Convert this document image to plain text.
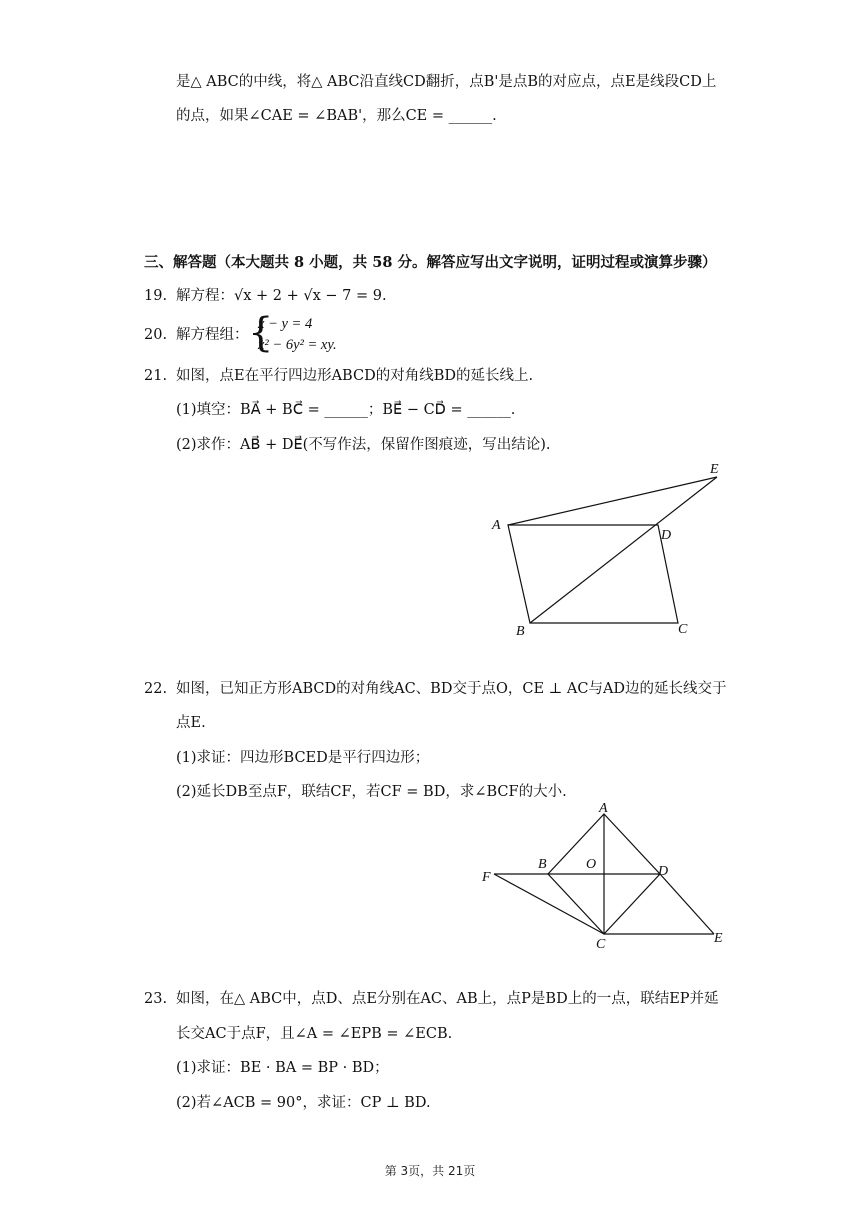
是△ ABC的中线，将△ ABC沿直线CD翻折，点B'是点B的对应点，点E是线段CD上
的点，如果∠CAE = ∠BAB'，那么CE = ______.
三、解答题（本大题共 8 小题，共 58 分。解答应写出文字说明，证明过程或演算步骤）
19. 解方程：√x + 2 + √x − 7 = 9.
20. 解方程组： {
x − y = 4
x² − 6y² = xy.
21. 如图，点E在平行四边形ABCD的对角线BD的延长线上.
(1)填空：BA⃗ + BC⃗ = ______；BE⃗ − CD⃗ = ______.
(2)求作：AB⃗ + DE⃗(不写作法，保留作图痕迹，写出结论).
A
B	C
D
E
22. 如图，已知正方形ABCD的对角线AC、BD交于点O，CE ⊥ AC与AD边的延长线交于
点E.
(1)求证：四边形BCED是平行四边形；
(2)延长DB至点F，联结CF，若CF = BD，求∠BCF的大小.
A
B
C
D
E
F
O
23. 如图，在△ ABC中，点D、点E分别在AC、AB上，点P是BD上的一点，联结EP并延
长交AC于点F，且∠A = ∠EPB = ∠ECB.
(1)求证：BE · BA = BP · BD；
(2)若∠ACB = 90°，求证：CP ⊥ BD.
第 3页，共 21页
